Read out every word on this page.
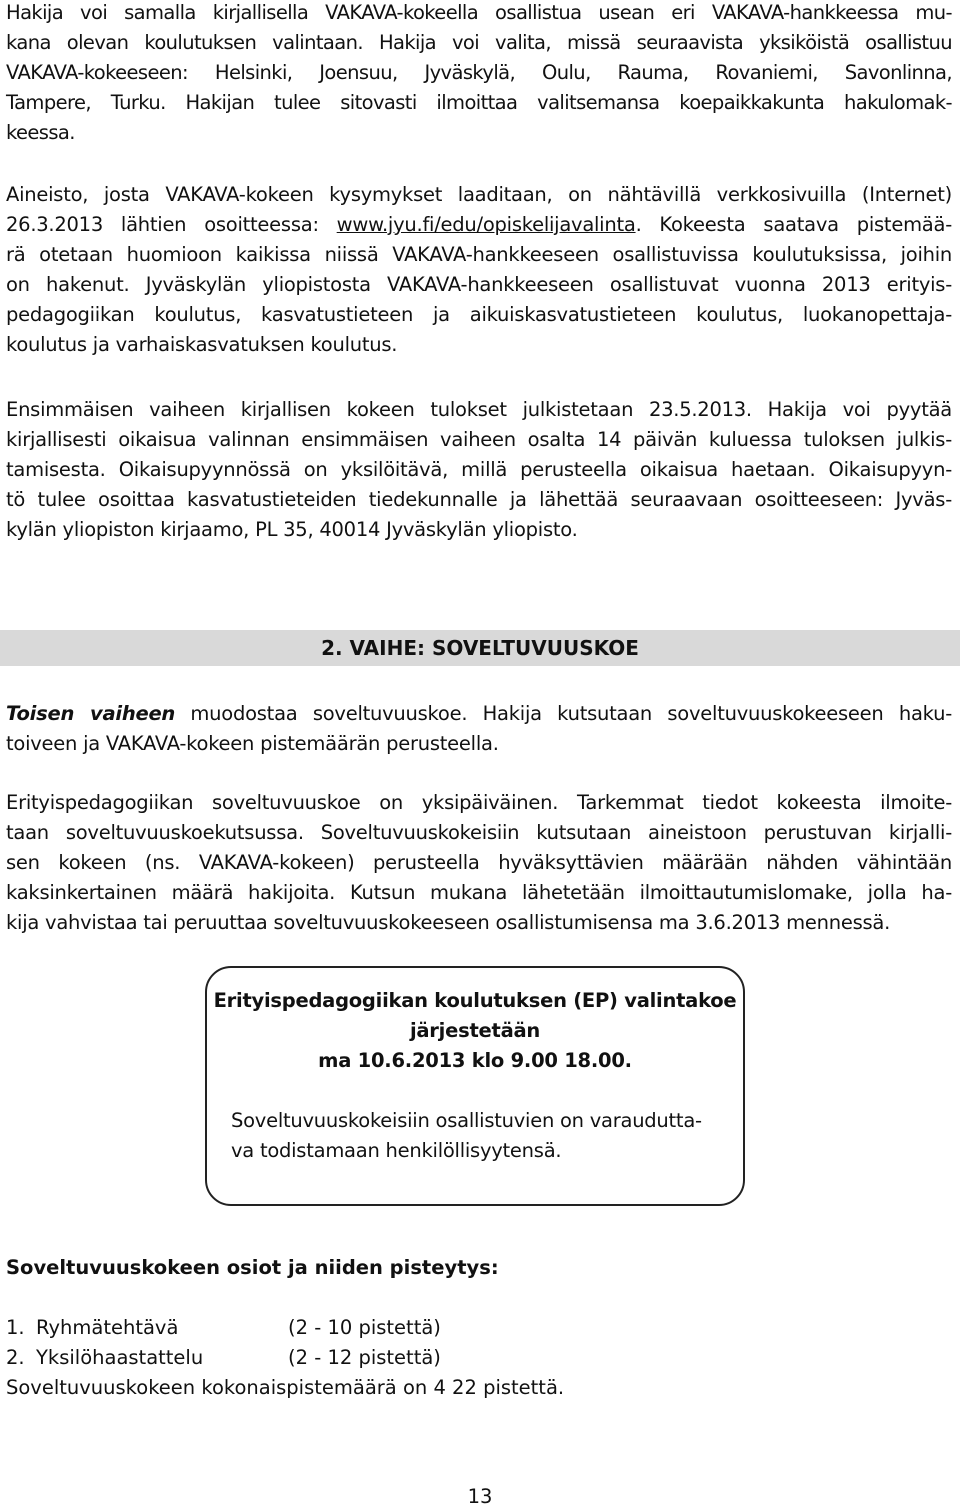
Hakija voi samalla kirjallisella VAKAVA-kokeella osallistua usean eri VAKAVA-hankkeessa mu-
kana olevan koulutuksen valintaan. Hakija voi valita, missä seuraavista yksiköistä osallistuu
VAKAVA-kokeeseen: Helsinki, Joensuu, Jyväskylä, Oulu, Rauma, Rovaniemi, Savonlinna,
Tampere, Turku. Hakijan tulee sitovasti ilmoittaa valitsemansa koepaikkakunta hakulomak-
keessa.
Aineisto, josta VAKAVA-kokeen kysymykset laaditaan, on nähtävillä verkkosivuilla (Internet)
26.3.2013 lähtien osoitteessa: www.jyu.fi/edu/opiskelijavalinta. Kokeesta saatava pistemää-
rä otetaan huomioon kaikissa niissä VAKAVA-hankkeeseen osallistuvissa koulutuksissa, joihin
on hakenut. Jyväskylän yliopistosta VAKAVA-hankkeeseen osallistuvat vuonna 2013 erityis-
pedagogiikan koulutus, kasvatustieteen ja aikuiskasvatustieteen koulutus, luokanopettaja-
koulutus ja varhaiskasvatuksen koulutus.
Ensimmäisen vaiheen kirjallisen kokeen tulokset julkistetaan 23.5.2013. Hakija voi pyytää
kirjallisesti oikaisua valinnan ensimmäisen vaiheen osalta 14 päivän kuluessa tuloksen julkis-
tamisesta. Oikaisupyynnössä on yksilöitävä, millä perusteella oikaisua haetaan. Oikaisupyyn-
tö tulee osoittaa kasvatustieteiden tiedekunnalle ja lähettää seuraavaan osoitteeseen: Jyväs-
kylän yliopiston kirjaamo, PL 35, 40014 Jyväskylän yliopisto.
2. VAIHE: SOVELTUVUUSKOE
Toisen vaiheen muodostaa soveltuvuuskoe. Hakija kutsutaan soveltuvuuskokeeseen haku-
toiveen ja VAKAVA-kokeen pistemäärän perusteella.
Erityispedagogiikan soveltuvuuskoe on yksipäiväinen. Tarkemmat tiedot kokeesta ilmoite-
taan soveltuvuuskoekutsussa. Soveltuvuuskokeisiin kutsutaan aineistoon perustuvan kirjalli-
sen kokeen (ns. VAKAVA-kokeen) perusteella hyväksyttävien määrään nähden vähintään
kaksinkertainen määrä hakijoita. Kutsun mukana lähetetään ilmoittautumislomake, jolla ha-
kija vahvistaa tai peruuttaa soveltuvuuskokeeseen osallistumisensa ma 3.6.2013 mennessä.
Erityispedagogiikan koulutuksen (EP) valintakoe
järjestetään
ma 10.6.2013 klo 9.00 18.00.
Soveltuvuuskokeisiin osallistuvien on varaudutta-
va todistamaan henkilöllisyytensä.
Soveltuvuuskokeen osiot ja niiden pisteytys:
1. Ryhmätehtävä	(2 - 10 pistettä)
2. Yksilöhaastattelu	(2 - 12 pistettä)
Soveltuvuuskokeen kokonaispistemäärä on 4 22 pistettä.
13
